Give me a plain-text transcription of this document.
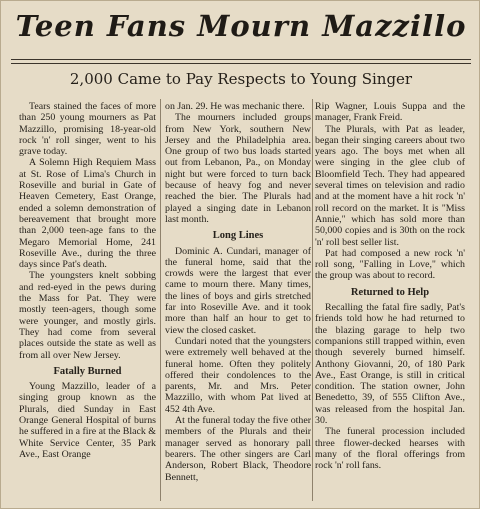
Teen Fans Mourn Mazzillo
2,000 Came to Pay Respects to Young Singer

Tears stained the faces of more than 250 young mourners as Pat Mazzillo, promising 18-year-old rock 'n' roll singer, went to his grave today.

A Solemn High Requiem Mass at St. Rose of Lima's Church in Roseville and burial in Gate of Heaven Cemetery, East Orange, ended a solemn demonstration of bereavement that brought more than 2,000 teen-age fans to the Megaro Memorial Home, 241 Roseville Ave., during the three days since Pat's death.

The youngsters knelt sobbing and red-eyed in the pews during the Mass for Pat. They were mostly teen-agers, though some were younger, and mostly girls. They had come from several places outside the state as well as from all over New Jersey.

Fatally Burned

Young Mazzillo, leader of a singing group known as the Plurals, died Sunday in East Orange General Hospital of burns he suffered in a fire at the Black & White Service Center, 35 Park Ave., East Orange

on Jan. 29. He was mechanic there.

The mourners included groups from New York, southern New Jersey and the Philadelphia area. One group of two bus loads started out from Lebanon, Pa., on Monday night but were forced to turn back because of heavy fog and never reached the bier. The Plurals had played a singing date in Lebanon last month.

Long Lines

Dominic A. Cundari, manager of the funeral home, said that the crowds were the largest that ever came to mourn there. Many times, the lines of boys and girls stretched far into Roseville Ave. and it took more than half an hour to get to view the closed casket.

Cundari noted that the youngsters were extremely well behaved at the funeral home. Often they politely offered their condolences to the parents, Mr. and Mrs. Peter Mazzillo, with whom Pat lived at 452 4th Ave.

At the funeral today the five other members of the Plurals and their manager served as honorary pall bearers. The other singers are Carl Anderson, Robert Black, Theodore Bennett,

Rip Wagner, Louis Suppa and the manager, Frank Freid.

The Plurals, with Pat as leader, began their singing careers about two years ago. The boys met when all were singing in the glee club of Bloomfield Tech. They had appeared several times on television and radio and at the moment have a hit rock 'n' roll record on the market. It is "Miss Annie," which has sold more than 50,000 copies and is 30th on the rock 'n' roll best seller list.

Pat had composed a new rock 'n' roll song, "Falling in Love," which the group was about to record.

Returned to Help

Recalling the fatal fire sadly, Pat's friends told how he had returned to the blazing garage to help two companions still trapped within, even though severely burned himself. Anthony Giovanni, 20, of 180 Park Ave., East Orange, is still in critical condition. The station owner, John Benedetto, 39, of 555 Clifton Ave., was released from the hospital Jan. 30.

The funeral procession included three flower-decked hearses with many of the floral offerings from rock 'n' roll fans.
